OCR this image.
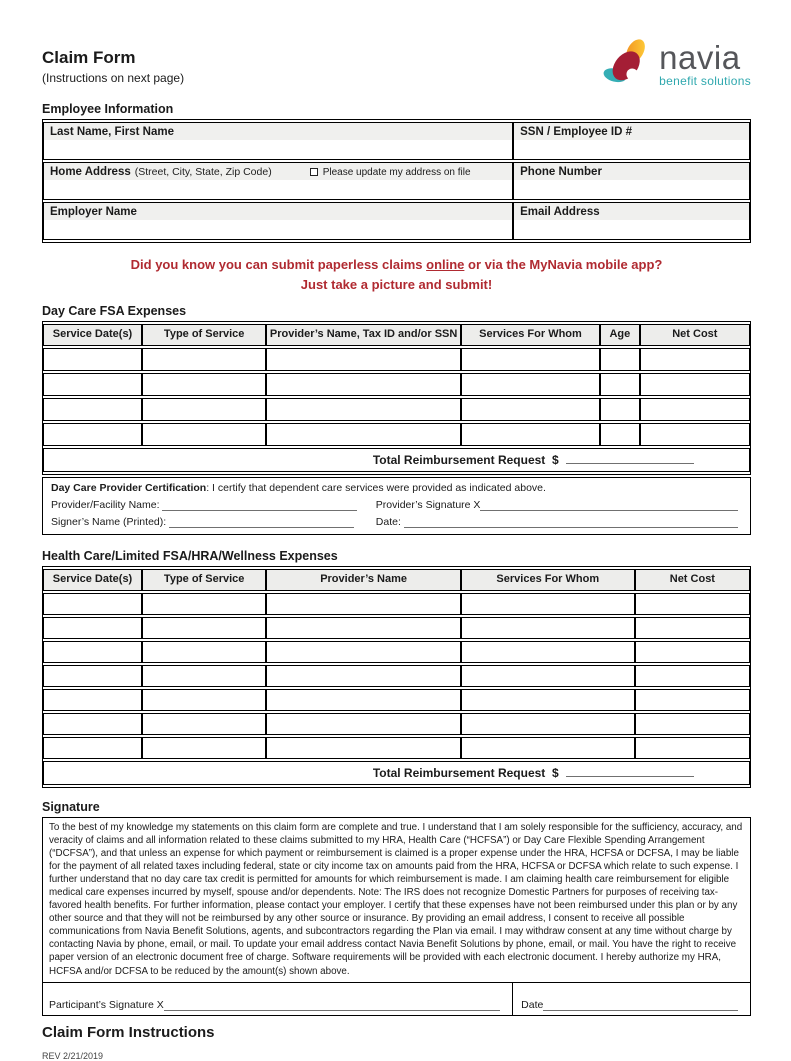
Claim Form
(Instructions on next page)
navia
benefit solutions
Employee Information
Last Name, First Name	SSN / Employee ID #

Home Address (Street, City, State, Zip Code) Please update my address on file	Phone Number

Employer Name	Email Address
Did you know you can submit paperless claims online or via the MyNavia mobile app?
Just take a picture and submit!
Day Care FSA Expenses
Service Date(s)	Type of Service	Provider’s Name, Tax ID and/or SSN	Services For Whom	Age	Net Cost

Total Reimbursement Request $					
Day Care Provider Certification: I certify that dependent care services were provided as indicated above.
Provider/Facility Name:
	Provider’s Signature X
Signer’s Name (Printed):
	Date:

Health Care/Limited FSA/HRA/Wellness Expenses
Service Date(s)	Type of Service	Provider’s Name	Services For Whom	Net Cost

Total Reimbursement Request $				
Signature
To the best of my knowledge my statements on this claim form are complete and true. I understand that I am solely responsible for the sufficiency, accuracy, and veracity of claims and all information related to these claims submitted to my HRA, Health Care (“HCFSA”) or Day Care Flexible Spending Arrangement (“DCFSA”), and that unless an expense for which payment or reimbursement is claimed is a proper expense under the HRA, HCFSA or DCFSA, I may be liable for the payment of all related taxes including federal, state or city income tax on amounts paid from the HRA, HCFSA or DCFSA which relate to such expense. I further understand that no day care tax credit is permitted for amounts for which reimbursement is made. I am claiming health care reimbursement for eligible medical care expenses incurred by myself, spouse and/or dependents. Note: The IRS does not recognize Domestic Partners for purposes of receiving tax-favored health benefits. For further information, please contact your employer. I certify that these expenses have not been reimbursed under this plan or by any other source and that they will not be reimbursed by any other source or insurance. By providing an email address, I consent to receive all possible communications from Navia Benefit Solutions, agents, and subcontractors regarding the Plan via email. I may withdraw consent at any time without charge by contacting Navia by phone, email, or mail. To update your email address contact Navia Benefit Solutions by phone, email, or mail. You have the right to receive paper version of an electronic document free of charge. Software requirements will be provided with each electronic document. I hereby authorize my HRA, HCFSA and/or DCFSA to be reduced by the amount(s) shown above.
Participant’s Signature X	Date
Claim Form Instructions
REV 2/21/2019
